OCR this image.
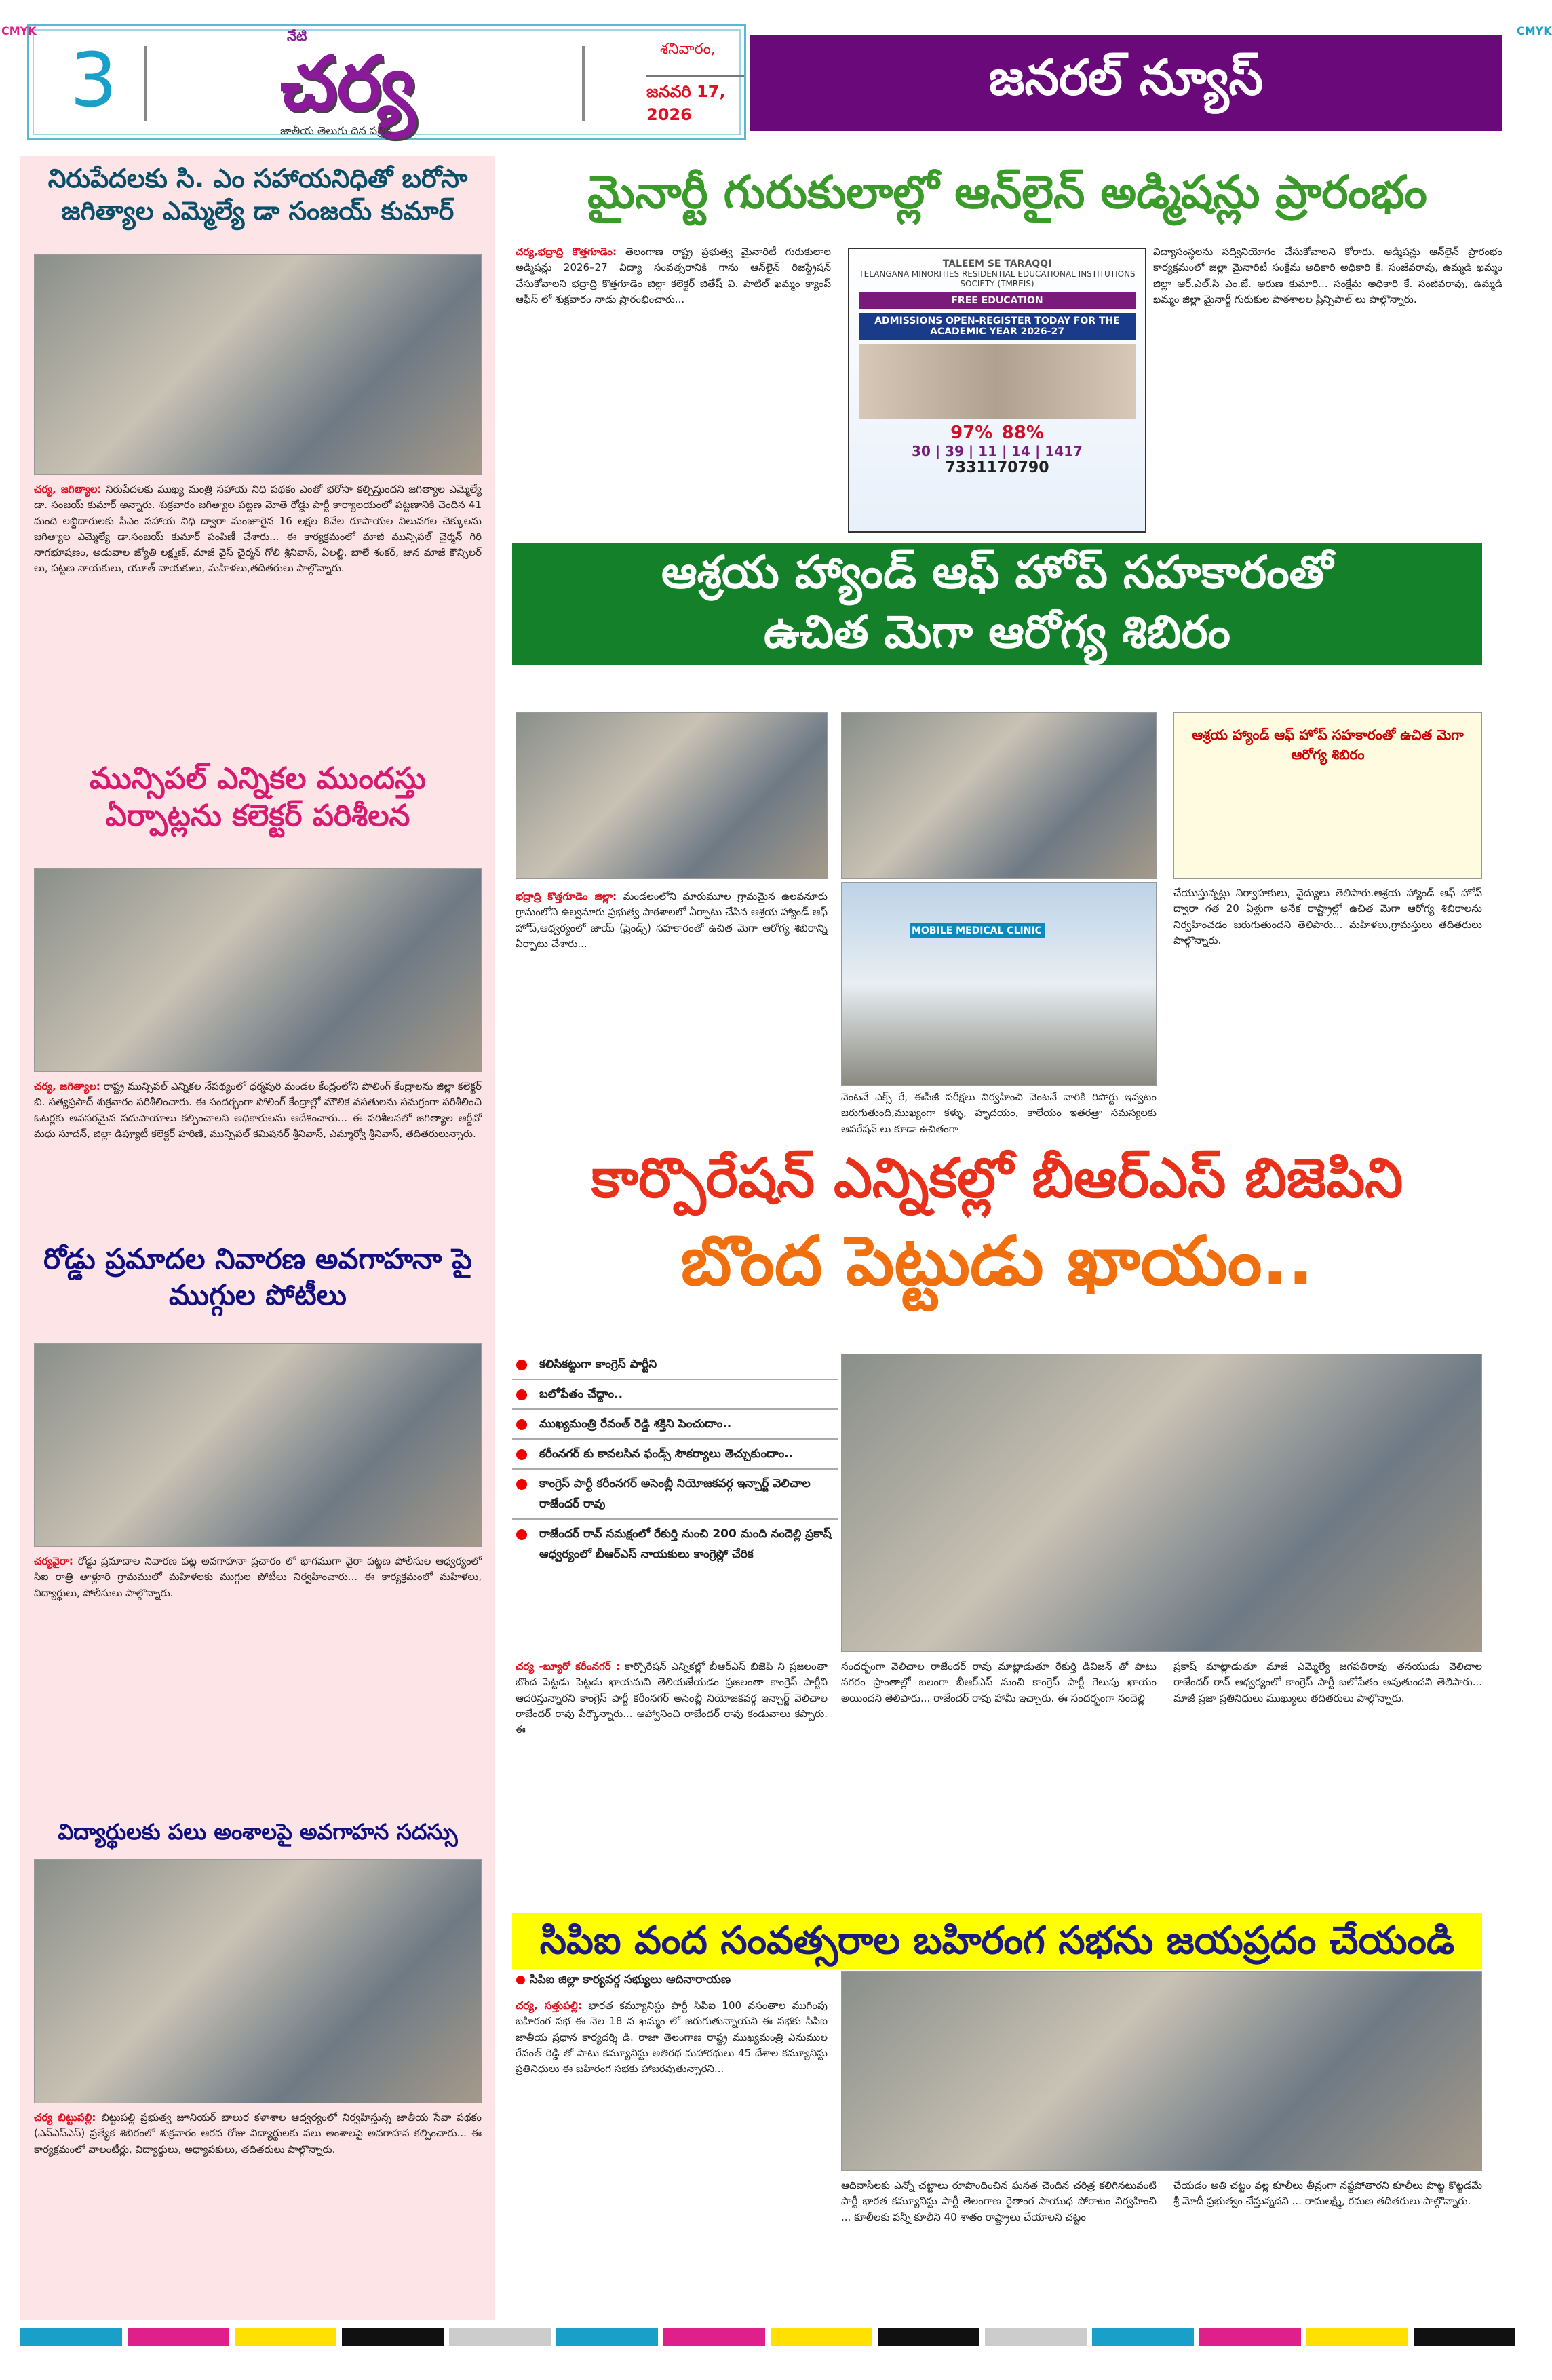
3
నేటి
చర్య
జాతీయ తెలుగు దిన పత్రిక
శనివారం,
జనవరి 17, 2026
జనరల్ న్యూస్
CMYK	CMYK
నిరుపేదలకు సి. ఎం సహాయనిధితో బరోసా జగిత్యాల ఎమ్మెల్యే డా సంజయ్ కుమార్
చర్య, జగిత్యాల: నిరుపేదలకు ముఖ్య మంత్రి సహాయ నిధి పథకం ఎంతో భరోసా కల్పిస్తుందని జగిత్యాల ఎమ్మెల్యే డా. సంజయ్ కుమార్ అన్నారు. శుక్రవారం జగిత్యాల పట్టణ మోతె రోడ్డు పార్టీ కార్యాలయంలో పట్టణానికి చెందిన 41 మంది లబ్ధిదారులకు సిఎం సహాయ నిధి ద్వారా మంజూరైన 16 లక్షల 8వేల రూపాయల విలువగల చెక్కులను జగిత్యాల ఎమ్మెల్యే డా.సంజయ్ కుమార్ పంపిణీ చేశారు... ఈ కార్యక్రమంలో మాజీ మున్సిపల్ చైర్మన్ గిరి నాగభూషణం, అడువాల జ్యోతి లక్ష్మణ్, మాజీ వైస్ చైర్మన్ గోలి శ్రీనివాస్, ఏలల్టి, బాలే శంకర్, జున మాజీ కౌన్సిలర్ లు, పట్టణ నాయకులు, యూత్ నాయకులు, మహిళలు,తదితరులు పాల్గొన్నారు.
మున్సిపల్ ఎన్నికల ముందస్తు ఏర్పాట్లను కలెక్టర్ పరిశీలన
చర్య, జగిత్యాల: రాష్ట్ర మున్సిపల్ ఎన్నికల నేపథ్యంలో ధర్మపురి మండల కేంద్రంలోని పోలింగ్ కేంద్రాలను జిల్లా కలెక్టర్ బి. సత్యప్రసాద్ శుక్రవారం పరిశీలించారు. ఈ సందర్భంగా పోలింగ్ కేంద్రాల్లో మౌలిక వసతులను సమగ్రంగా పరిశీలించి ఓటర్లకు అవసరమైన సదుపాయాలు కల్పించాలని అధికారులను ఆదేశించారు... ఈ పరిశీలనలో జగిత్యాల ఆర్డీవో మధు సూదన్, జిల్లా డిప్యూటీ కలెక్టర్ హరిణి, మున్సిపల్ కమిషనర్ శ్రీనివాస్, ఎమ్మార్వో శ్రీనివాస్, తదితరులున్నారు.
రోడ్డు ప్రమాదల నివారణ అవగాహనా పై ముగ్గుల పోటీలు
చర్యవైరా: రోడ్డు ప్రమాదాల నివారణ పట్ల అవగాహనా ప్రచారం లో భాగముగా వైరా పట్టణ పోలీసుల ఆధ్వర్యంలో సిఐ రాత్రి తాళ్లూరి గ్రామములో మహిళలకు ముగ్గుల పోటీలు నిర్వహించారు... ఈ కార్యక్రమంలో మహిళలు, విద్యార్థులు, పోలీసులు పాల్గొన్నారు.
విద్యార్థులకు పలు అంశాలపై అవగాహన సదస్సు
చర్య బిట్టుపల్లి: బిట్టుపల్లి ప్రభుత్వ జూనియర్ బాలుర కళాశాల ఆధ్వర్యంలో నిర్వహిస్తున్న జాతీయ సేవా పథకం (ఎన్ఎస్ఎస్) ప్రత్యేక శిబిరంలో శుక్రవారం ఆరవ రోజు విద్యార్థులకు పలు అంశాలపై అవగాహన కల్పించారు... ఈ కార్యక్రమంలో వాలంటీర్లు, విద్యార్థులు, అధ్యాపకులు, తదితరులు పాల్గొన్నారు.
మైనార్టీ గురుకులాల్లో ఆన్‌లైన్ అడ్మిషన్లు ప్రారంభం
చర్య,భద్రాద్రి కొత్తగూడెం: తెలంగాణ రాష్ట్ర ప్రభుత్వ మైనారిటీ గురుకులాల అడ్మిషన్లు 2026–27 విద్యా సంవత్సరానికి గాను ఆన్‌లైన్ రిజిస్ట్రేషన్ చేసుకోవాలని భద్రాద్రి కొత్తగూడెం జిల్లా కలెక్టర్ జితేష్ వి. పాటిల్ ఖమ్మం క్యాంప్ ఆఫీస్ లో శుక్రవారం నాడు ప్రారంభించారు...
TALEEM SE TARAQQI
TELANGANA MINORITIES RESIDENTIAL EDUCATIONAL INSTITUTIONS SOCIETY (TMREIS)
FREE EDUCATION
ADMISSIONS OPEN-REGISTER TODAY FOR THE ACADEMIC YEAR 2026-27
97% 88%
30 | 39 | 11 | 14 | 1417
7331170790
విద్యాసంస్థలను సద్వినియోగం చేసుకోవాలని కోరారు. అడ్మిషన్లు ఆన్‌లైన్ ప్రారంభం కార్యక్రమంలో జిల్లా మైనారిటీ సంక్షేమ అధికారి అధికారి కే. సంజీవరావు, ఉమ్మడి ఖమ్మం జిల్లా ఆర్.ఎల్.సి ఎం.జే. అరుణ కుమారి... సంక్షేమ అధికారి కే. సంజీవరావు, ఉమ్మడి ఖమ్మం జిల్లా మైనార్టీ గురుకుల పాఠశాలల ప్రిన్సిపాల్ లు పాల్గొన్నారు.
ఆశ్రయ హ్యాండ్ ఆఫ్ హోప్ సహకారంతో
ఉచిత మెగా ఆరోగ్య శిబిరం
ఆశ్రయ హ్యాండ్ ఆఫ్ హోప్ సహకారంతో ఉచిత మెగా ఆరోగ్య శిబిరం
భద్రాద్రి కొత్తగూడెం జిల్లా: మండలంలోని మారుమూల గ్రామమైన ఉలవనూరు గ్రామంలోని ఉల్వనూరు ప్రభుత్వ పాఠశాలలో ఏర్పాటు చేసిన ఆశ్రయ హ్యాండ్ ఆఫ్ హోప్,ఆధ్వర్యంలో జాయ్ (ఫ్రెండ్స్) సహకారంతో ఉచిత మెగా ఆరోగ్య శిబిరాన్ని ఏర్పాటు చేశారు...
MOBILE MEDICAL CLINIC
వెంటనే ఎక్స్ రే, ఈసీజీ పరీక్షలు నిర్వహించి వెంటనే వారికి రిపోర్టు ఇవ్వటం జరుగుతుంది,ముఖ్యంగా కళ్ళు, హృదయం, కాలేయం ఇతరత్రా సమస్యలకు ఆపరేషన్ లు కూడా ఉచితంగా
చేయుస్తున్నట్లు నిర్వాహకులు, వైద్యులు తెలిపారు.ఆశ్రయ హ్యాండ్ ఆఫ్ హోప్ ద్వారా గత 20 ఏళ్లుగా అనేక రాష్ట్రాల్లో ఉచిత మెగా ఆరోగ్య శిబిరాలను నిర్వహించడం జరుగుతుందని తెలిపారు... మహిళలు,గ్రామస్తులు తదితరులు పాల్గొన్నారు.
కార్పొరేషన్ ఎన్నికల్లో బీఆర్ఎస్ బిజెపిని
బొంద పెట్టుడు ఖాయం..
కలిసికట్టుగా కాంగ్రెస్ పార్టీని
బలోపేతం చేద్దాం..
ముఖ్యమంత్రి రేవంత్ రెడ్డి శక్తిని పెంచుదాం..
కరీంనగర్ కు కావలసిన ఫండ్స్ సౌకర్యాలు తెచ్చుకుందాం..
కాంగ్రెస్ పార్టీ కరీంనగర్ అసెంబ్లీ నియోజకవర్గ ఇన్చార్జ్ వెలిచాల రాజేందర్ రావు
రాజేందర్ రావ్ సమక్షంలో రేకుర్తి నుంచి 200 మంది నందెల్లి ప్రకాష్ ఆధ్వర్యంలో బీఆర్ఎస్ నాయకులు కాంగ్రెస్లో చేరిక
చర్య -బ్యూరో కరీంనగర్ : కార్పొరేషన్ ఎన్నికల్లో బీఆర్ఎస్ బిజెపి ని ప్రజలంతా బొంద పెట్టడు పెట్టడు ఖాయమని తెలియజేయడం ప్రజలంతా కాంగ్రెస్ పార్టీని ఆదరిస్తున్నారని కాంగ్రెస్ పార్టీ కరీంనగర్ అసెంబ్లీ నియోజకవర్గ ఇన్చార్జ్ వెలిచాల రాజేందర్ రావు పేర్కొన్నారు... ఆహ్వానించి రాజేందర్ రావు కండువాలు కప్పారు. ఈ
సందర్భంగా వెలిచాల రాజేందర్ రావు మాట్లాడుతూ రేకుర్తి డివిజన్ తో పాటు నగరం ప్రాంతాల్లో బలంగా బీఆర్ఎస్ నుంచి కాంగ్రెస్ పార్టీ గెలుపు ఖాయం అయిందని తెలిపారు... రాజేందర్ రావు హామీ ఇచ్చారు. ఈ సందర్భంగా నందెల్లి
ప్రకాష్ మాట్లాడుతూ మాజీ ఎమ్మెల్యే జగపతిరావు తనయుడు వెలిచాల రాజేందర్ రావ్ ఆధ్వర్యంలో కాంగ్రెస్ పార్టీ బలోపేతం అవుతుందని తెలిపారు... మాజీ ప్రజా ప్రతినిధులు ముఖ్యులు తదితరులు పాల్గొన్నారు.
సిపిఐ వంద సంవత్సరాల బహిరంగ సభను జయప్రదం చేయండి
● సిపిఐ జిల్లా కార్యవర్గ సభ్యులు ఆదినారాయణ
చర్య, సత్తుపల్లి: భారత కమ్యూనిస్టు పార్టీ సిపిఐ 100 వసంతాల ముగింపు బహిరంగ సభ ఈ నెల 18 న ఖమ్మం లో జరుగుతున్నాయని ఈ సభకు సిపిఐ జాతీయ ప్రధాన కార్యదర్శి డి. రాజా తెలంగాణ రాష్ట్ర ముఖ్యమంత్రి ఎనుముల రేవంత్ రెడ్డి తో పాటు కమ్యూనిస్టు అతిరథ మహారథులు 45 దేశాల కమ్యూనిస్టు ప్రతినిధులు ఈ బహిరంగ సభకు హాజరవుతున్నారని...
ఆదివాసీలకు ఎన్నో చట్టాలు రూపొందించిన ఘనత చెందిన చరిత్ర కలిగినటువంటి పార్టీ భారత కమ్యూనిస్టు పార్టీ తెలంగాణ రైతాంగ సాయుధ పోరాటం నిర్వహించి ... కూలీలకు పన్నీ కూలీని 40 శాతం రాష్ట్రాలు చేయాలని చట్టం
చేయడం అతి చట్టం వల్ల కూలీలు తీవ్రంగా నష్టపోతారని కూలీలు పొట్ట కొట్టడమే శ్రీ మోదీ ప్రభుత్వం చేస్తున్నదని ... రామలక్ష్మి, రమణ తదితరులు పాల్గొన్నారు.
